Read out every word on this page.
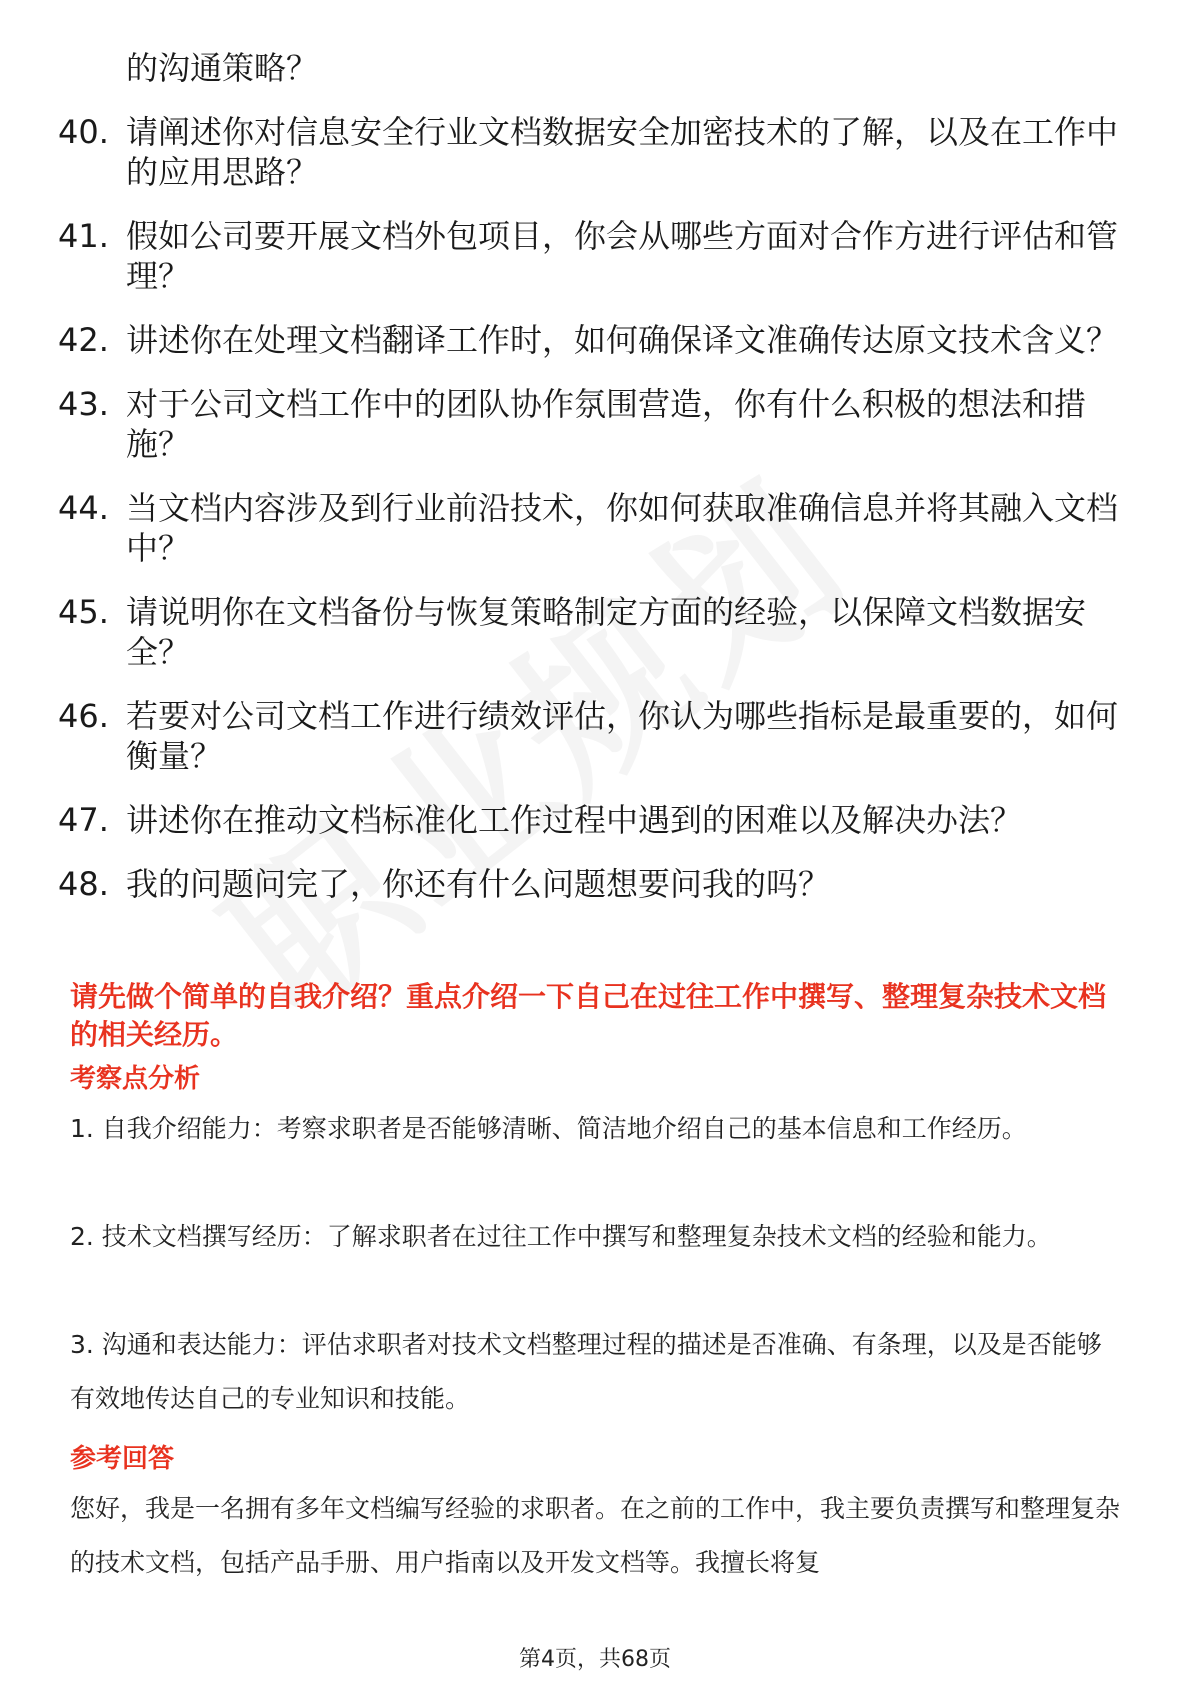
的沟通策略？
40. 请阐述你对信息安全行业文档数据安全加密技术的了解，以及在工作中的应用思路？
41. 假如公司要开展文档外包项目，你会从哪些方面对合作方进行评估和管理？
42. 讲述你在处理文档翻译工作时，如何确保译文准确传达原文技术含义？
43. 对于公司文档工作中的团队协作氛围营造，你有什么积极的想法和措施？
44. 当文档内容涉及到行业前沿技术，你如何获取准确信息并将其融入文档中？
45. 请说明你在文档备份与恢复策略制定方面的经验，以保障文档数据安全？
46. 若要对公司文档工作进行绩效评估，你认为哪些指标是最重要的，如何衡量？
47. 讲述你在推动文档标准化工作过程中遇到的困难以及解决办法？
48. 我的问题问完了，你还有什么问题想要问我的吗？
请先做个简单的自我介绍？重点介绍一下自己在过往工作中撰写、整理复杂技术文档的相关经历。
考察点分析
1. 自我介绍能力：考察求职者是否能够清晰、简洁地介绍自己的基本信息和工作经历。
2. 技术文档撰写经历：了解求职者在过往工作中撰写和整理复杂技术文档的经验和能力。
3. 沟通和表达能力：评估求职者对技术文档整理过程的描述是否准确、有条理，以及是否能够有效地传达自己的专业知识和技能。
参考回答
您好，我是一名拥有多年文档编写经验的求职者。在之前的工作中，我主要负责撰写和整理复杂的技术文档，包括产品手册、用户指南以及开发文档等。我擅长将复
第4页，共68页
